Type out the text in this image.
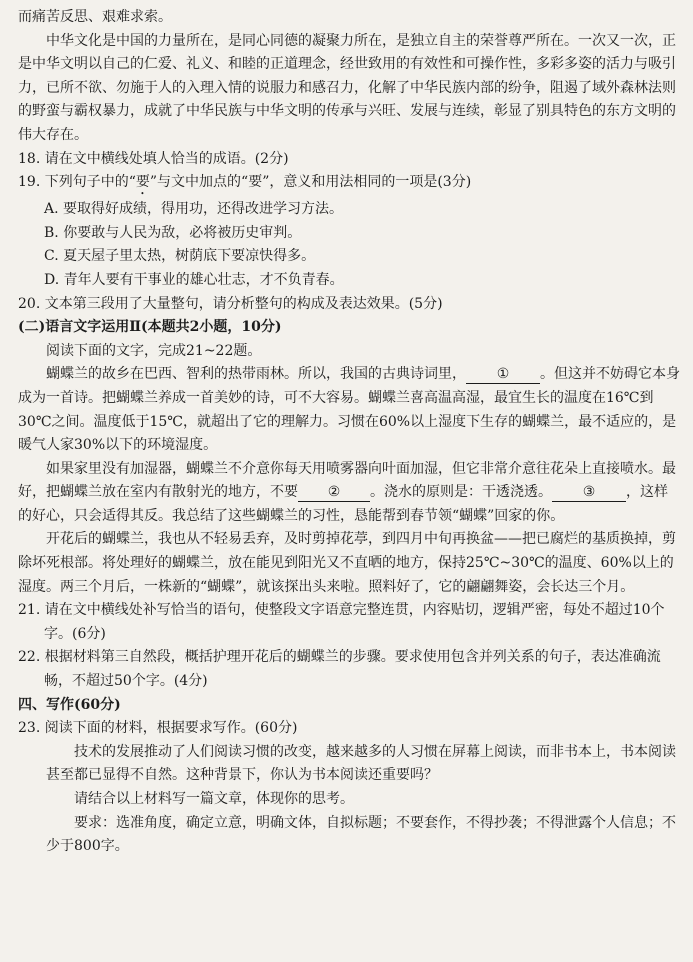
而痛苦反思、艰难求索。

中华文化是中国的力量所在，是同心同德的凝聚力所在，是独立自主的荣誉尊严所在。一次又一次，正是中华文明以自己的仁爱、礼义、和睦的正道理念，经世致用的有效性和可操作性，多彩多姿的活力与吸引力，已所不欲、勿施于人的入理入情的说服力和感召力，化解了中华民族内部的纷争，阻遏了域外森林法则的野蛮与霸权暴力，成就了中华民族与中华文明的传承与兴旺、发展与连续，彰显了别具特色的东方文明的伟大存在。

18. 请在文中横线处填人恰当的成语。(2分)

19. 下列句子中的“要”与文中加点的“要”，意义和用法相同的一项是(3分)

A. 要取得好成绩，得用功，还得改进学习方法。

B. 你要敢与人民为敌，必将被历史审判。

C. 夏天屋子里太热，树荫底下要凉快得多。

D. 青年人要有干事业的雄心壮志，才不负青春。

20. 文本第三段用了大量整句，请分析整句的构成及表达效果。(5分)

(二)语言文字运用Ⅱ(本题共2小题，10分)

阅读下面的文字，完成21~22题。

蝴蝶兰的故乡在巴西、智利的热带雨林。所以，我国的古典诗词里， ① 。但这并不妨碍它本身成为一首诗。把蝴蝶兰养成一首美妙的诗，可不大容易。蝴蝶兰喜高温高湿，最宜生长的温度在16℃到30℃之间。温度低于15℃，就超出了它的理解力。习惯在60%以上湿度下生存的蝴蝶兰，最不适应的，是暖气人家30%以下的环境湿度。

如果家里没有加湿器，蝴蝶兰不介意你每天用喷雾器向叶面加湿，但它非常介意往花朵上直接喷水。最好，把蝴蝶兰放在室内有散射光的地方，不要 ② 。浇水的原则是：干透浇透。 ③ ，这样的好心，只会适得其反。我总结了这些蝴蝶兰的习性，恳能帮到春节领“蝴蝶”回家的你。

开花后的蝴蝶兰，我也从不轻易丢弃，及时剪掉花葶，到四月中旬再换盆——把已腐烂的基质换掉，剪除坏死根部。将处理好的蝴蝶兰，放在能见到阳光又不直晒的地方，保持25℃~30℃的温度、60%以上的湿度。两三个月后，一株新的“蝴蝶”，就该探出头来啦。照料好了，它的翩翩舞姿，会长达三个月。

21. 请在文中横线处补写恰当的语句，使整段文字语意完整连贯，内容贴切，逻辑严密，每处不超过10个字。(6分)

22. 根据材料第三自然段，概括护理开花后的蝴蝶兰的步骤。要求使用包含并列关系的句子，表达准确流畅，不超过50个字。(4分)

四、写作(60分)

23. 阅读下面的材料，根据要求写作。(60分)

技术的发展推动了人们阅读习惯的改变，越来越多的人习惯在屏幕上阅读，而非书本上，书本阅读甚至都已显得不自然。这种背景下，你认为书本阅读还重要吗？

请结合以上材料写一篇文章，体现你的思考。

要求：选准角度，确定立意，明确文体，自拟标题；不要套作，不得抄袭；不得泄露个人信息；不少于800字。
